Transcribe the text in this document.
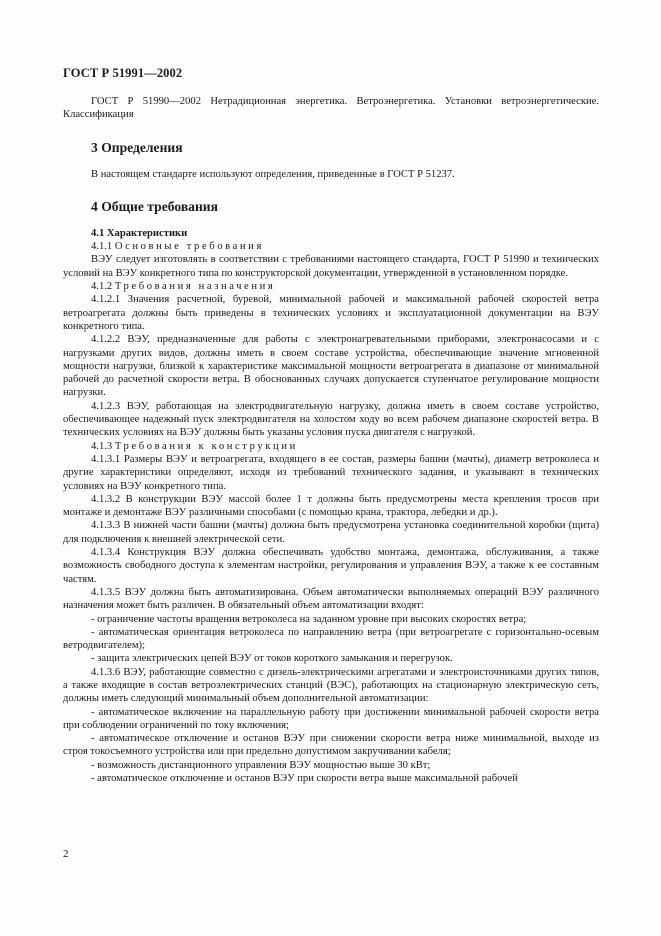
ГОСТ Р 51991—2002

ГОСТ Р 51990—2002 Нетрадиционная энергетика. Ветроэнергетика. Установки ветроэнергетические. Классификация

3 Определения

В настоящем стандарте используют определения, приведенные в ГОСТ Р 51237.

4 Общие требования

4.1 Характеристики

4.1.1 Основные требования

ВЭУ следует изготовлять в соответствии с требованиями настоящего стандарта, ГОСТ Р 51990 и технических условий на ВЭУ конкретного типа по конструкторской документации, утвержденной в установленном порядке.

4.1.2 Требования назначения

4.1.2.1 Значения расчетной, буревой, минимальной рабочей и максимальной рабочей скоростей ветра ветроагрегата должны быть приведены в технических условиях и эксплуатационной документации на ВЭУ конкретного типа.

4.1.2.2 ВЭУ, предназначенные для работы с электронагревательными приборами, электронасосами и с нагрузками других видов, должны иметь в своем составе устройства, обеспечивающие значение мгновенной мощности нагрузки, близкой к характеристике максимальной мощности ветроагрегата в диапазоне от минимальной рабочей до расчетной скорости ветра. В обоснованных случаях допускается ступенчатое регулирование мощности нагрузки.

4.1.2.3 ВЭУ, работающая на электродвигательную нагрузку, должна иметь в своем составе устройство, обеспечивающее надежный пуск электродвигателя на холостом ходу во всем рабочем диапазоне скоростей ветра. В технических условиях на ВЭУ должны быть указаны условия пуска двигателя с нагрузкой.

4.1.3 Требования к конструкции

4.1.3.1 Размеры ВЭУ и ветроагрегата, входящего в ее состав, размеры башни (мачты), диаметр ветроколеса и другие характеристики определяют, исходя из требований технического задания, и указывают в технических условиях на ВЭУ конкретного типа.

4.1.3.2 В конструкции ВЭУ массой более 1 т должны быть предусмотрены места крепления тросов при монтаже и демонтаже ВЭУ различными способами (с помощью крана, трактора, лебедки и др.).

4.1.3.3 В нижней части башни (мачты) должна быть предусмотрена установка соединительной коробки (щита) для подключения к внешней электрической сети.

4.1.3.4 Конструкция ВЭУ должна обеспечивать удобство монтажа, демонтажа, обслуживания, а также возможность свободного доступа к элементам настройки, регулирования и управления ВЭУ, а также к ее составным частям.

4.1.3.5 ВЭУ должна быть автоматизирована. Объем автоматически выполняемых операций ВЭУ различного назначения может быть различен. В обязательный объем автоматизации входят:

- ограничение частоты вращения ветроколеса на заданном уровне при высоких скоростях ветра;

- автоматическая ориентация ветроколеса по направлению ветра (при ветроагрегате с горизонтально-осевым ветродвигателем);

- защита электрических цепей ВЭУ от токов короткого замыкания и перегрузок.

4.1.3.6 ВЭУ, работающие совместно с дизель-электрическими агрегатами и электроисточниками других типов, а также входящие в состав ветроэлектрических станций (ВЭС), работающих на стационарную электрическую сеть, должны иметь следующий минимальный объем дополнительной автоматизации:

- автоматическое включение на параллельную работу при достижении минимальной рабочей скорости ветра при соблюдении ограничений по току включения;

- автоматическое отключение и останов ВЭУ при снижении скорости ветра ниже минимальной, выходе из строя токосъемного устройства или при предельно допустимом закручивании кабеля;

- возможность дистанционного управления ВЭУ мощностью выше 30 кВт;

- автоматическое отключение и останов ВЭУ при скорости ветра выше максимальной рабочей

2
